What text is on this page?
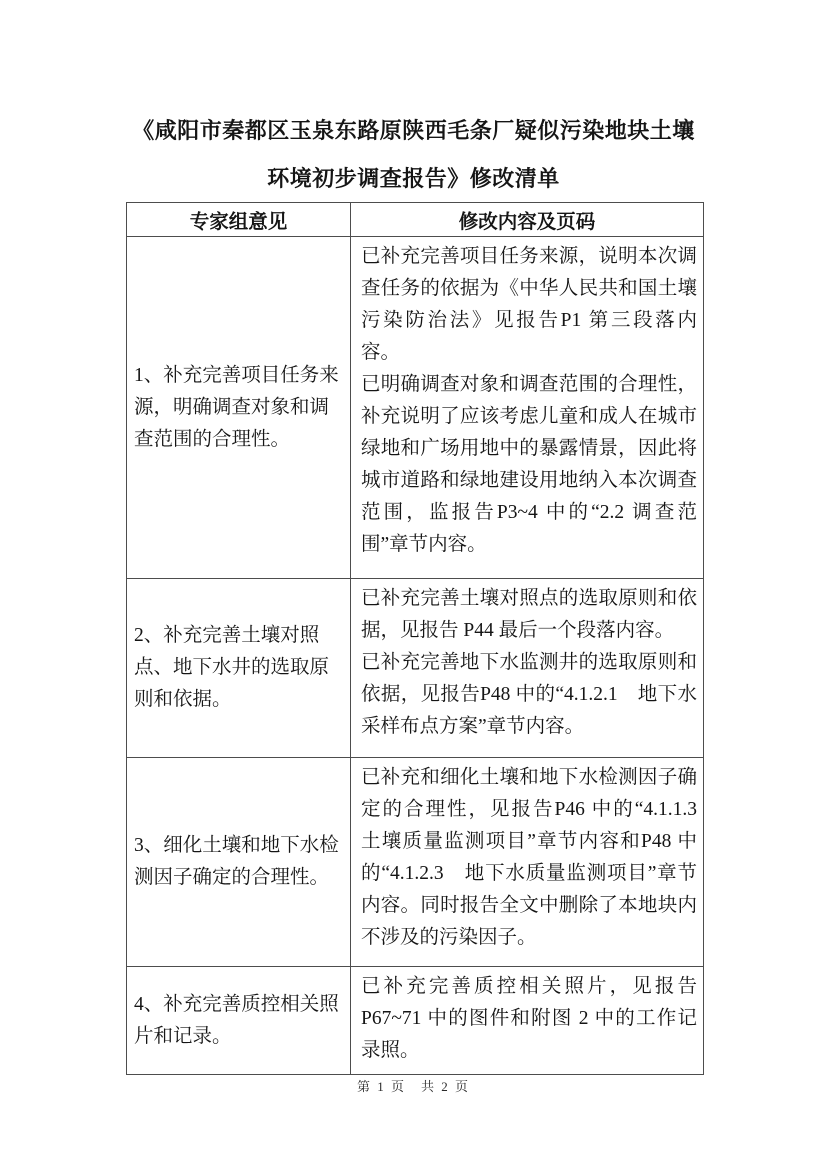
《咸阳市秦都区玉泉东路原陕西毛条厂疑似污染地块土壤
环境初步调查报告》修改清单
专家组意见	修改内容及页码
1、补充完善项目任务来源，明确调查对象和调查范围的合理性。	已补充完善项目任务来源，说明本次调查任务的依据为《中华人民共和国土壤污染防治法》见报告P1 第三段落内容。

已明确调查对象和调查范围的合理性，补充说明了应该考虑儿童和成人在城市绿地和广场用地中的暴露情景，因此将城市道路和绿地建设用地纳入本次调查范围，监报告P3~4 中的“2.2 调查范围”章节内容。

2、补充完善土壤对照点、地下水井的选取原则和依据。	已补充完善土壤对照点的选取原则和依据，见报告 P44 最后一个段落内容。

已补充完善地下水监测井的选取原则和依据，见报告P48 中的“4.1.2.1　地下水采样布点方案”章节内容。

3、细化土壤和地下水检测因子确定的合理性。	已补充和细化土壤和地下水检测因子确定的合理性，见报告P46 中的“4.1.1.3 土壤质量监测项目”章节内容和P48 中的“4.1.2.3　地下水质量监测项目”章节内容。同时报告全文中删除了本地块内不涉及的污染因子。

4、补充完善质控相关照片和记录。	已补充完善质控相关照片，见报告P67~71 中的图件和附图 2 中的工作记录照。

第 1 页　共 2 页
